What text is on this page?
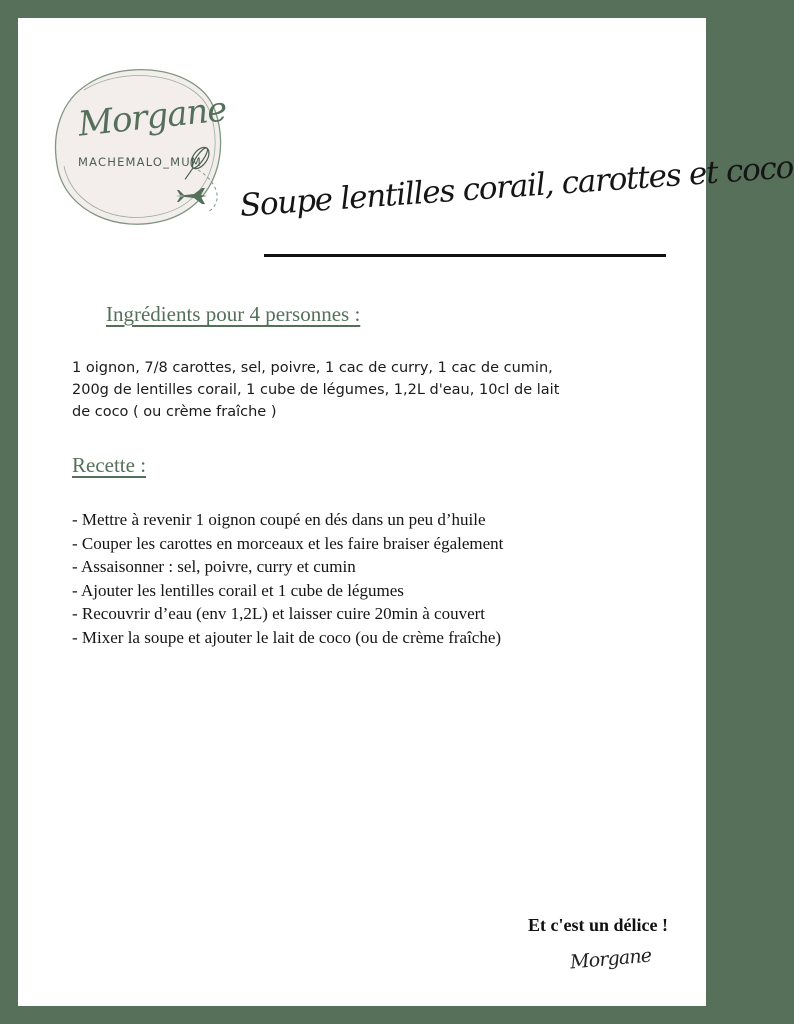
Morgane
MACHEMALO_MUM Soupe lentilles corail, carottes et coco
Ingrédients pour 4 personnes :

1 oignon, 7/8 carottes, sel, poivre, 1 cac de curry, 1 cac de cumin, 200g de lentilles corail, 1 cube de légumes, 1,2L d'eau, 10cl de lait de coco ( ou crème fraîche )

Recette :
- Mettre à revenir 1 oignon coupé en dés dans un peu d’huile
- Couper les carottes en morceaux et les faire braiser également
- Assaisonner : sel, poivre, curry et cumin
- Ajouter les lentilles corail et 1 cube de légumes
- Recouvrir d’eau (env 1,2L) et laisser cuire 20min à couvert
- Mixer la soupe et ajouter le lait de coco (ou de crème fraîche)
Et c'est un délice !
Morgane
